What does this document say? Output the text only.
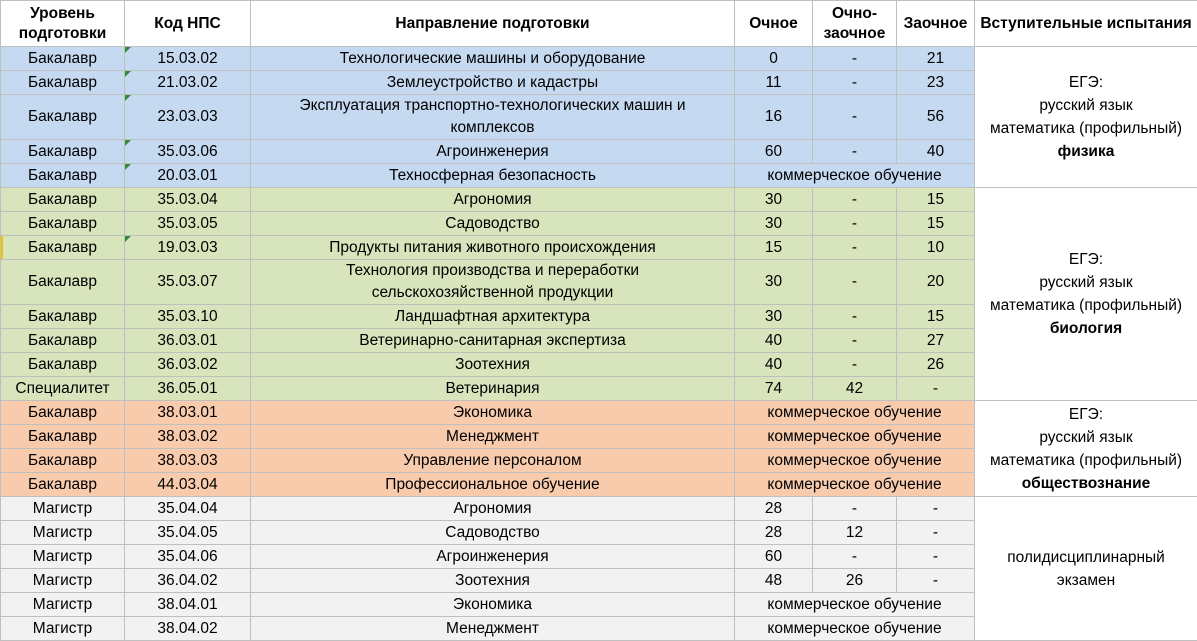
Уровень
подготовки	Код НПС	Направление подготовки	Очное	Очно-
заочное	Заочное	Вступительные испытания
Бакалавр	15.03.02	Технологические машины и оборудование	0	-	21	ЕГЭ:
русский язык
математика (профильный)
физика

Бакалавр	21.03.02	Землеустройство и кадастры	11	-	23	
Бакалавр	23.03.03	Эксплуатация транспортно-технологических машин и
комплексов	16	-	56	
Бакалавр	35.03.06	Агроинженерия	60	-	40	
Бакалавр	20.03.01	Техносферная безопасность	коммерческое обучение			
Бакалавр	35.03.04	Агрономия	30	-	15	ЕГЭ:
русский язык
математика (профильный)
биология

Бакалавр	35.03.05	Садоводство	30	-	15	

Бакалавр	19.03.03	Продукты питания животного происхождения	15	-	10	
Бакалавр	35.03.07	Технология производства и переработки
сельскохозяйственной продукции	30	-	20	
Бакалавр	35.03.10	Ландшафтная архитектура	30	-	15	
Бакалавр	36.03.01	Ветеринарно-санитарная экспертиза	40	-	27	
Бакалавр	36.03.02	Зоотехния	40	-	26	
Специалитет	36.05.01	Ветеринария	74	42	-	
Бакалавр	38.03.01	Экономика	коммерческое обучение			ЕГЭ:
русский язык
математика (профильный)
обществознание

Бакалавр	38.03.02	Менеджмент	коммерческое обучение			
Бакалавр	38.03.03	Управление персоналом	коммерческое обучение			
Бакалавр	44.03.04	Профессиональное обучение	коммерческое обучение			
Магистр	35.04.04	Агрономия	28	-	-	полидисциплинарный экзамен

Магистр	35.04.05	Садоводство	28	12	-	
Магистр	35.04.06	Агроинженерия	60	-	-	
Магистр	36.04.02	Зоотехния	48	26	-	
Магистр	38.04.01	Экономика	коммерческое обучение			
Магистр	38.04.02	Менеджмент	коммерческое обучение			
